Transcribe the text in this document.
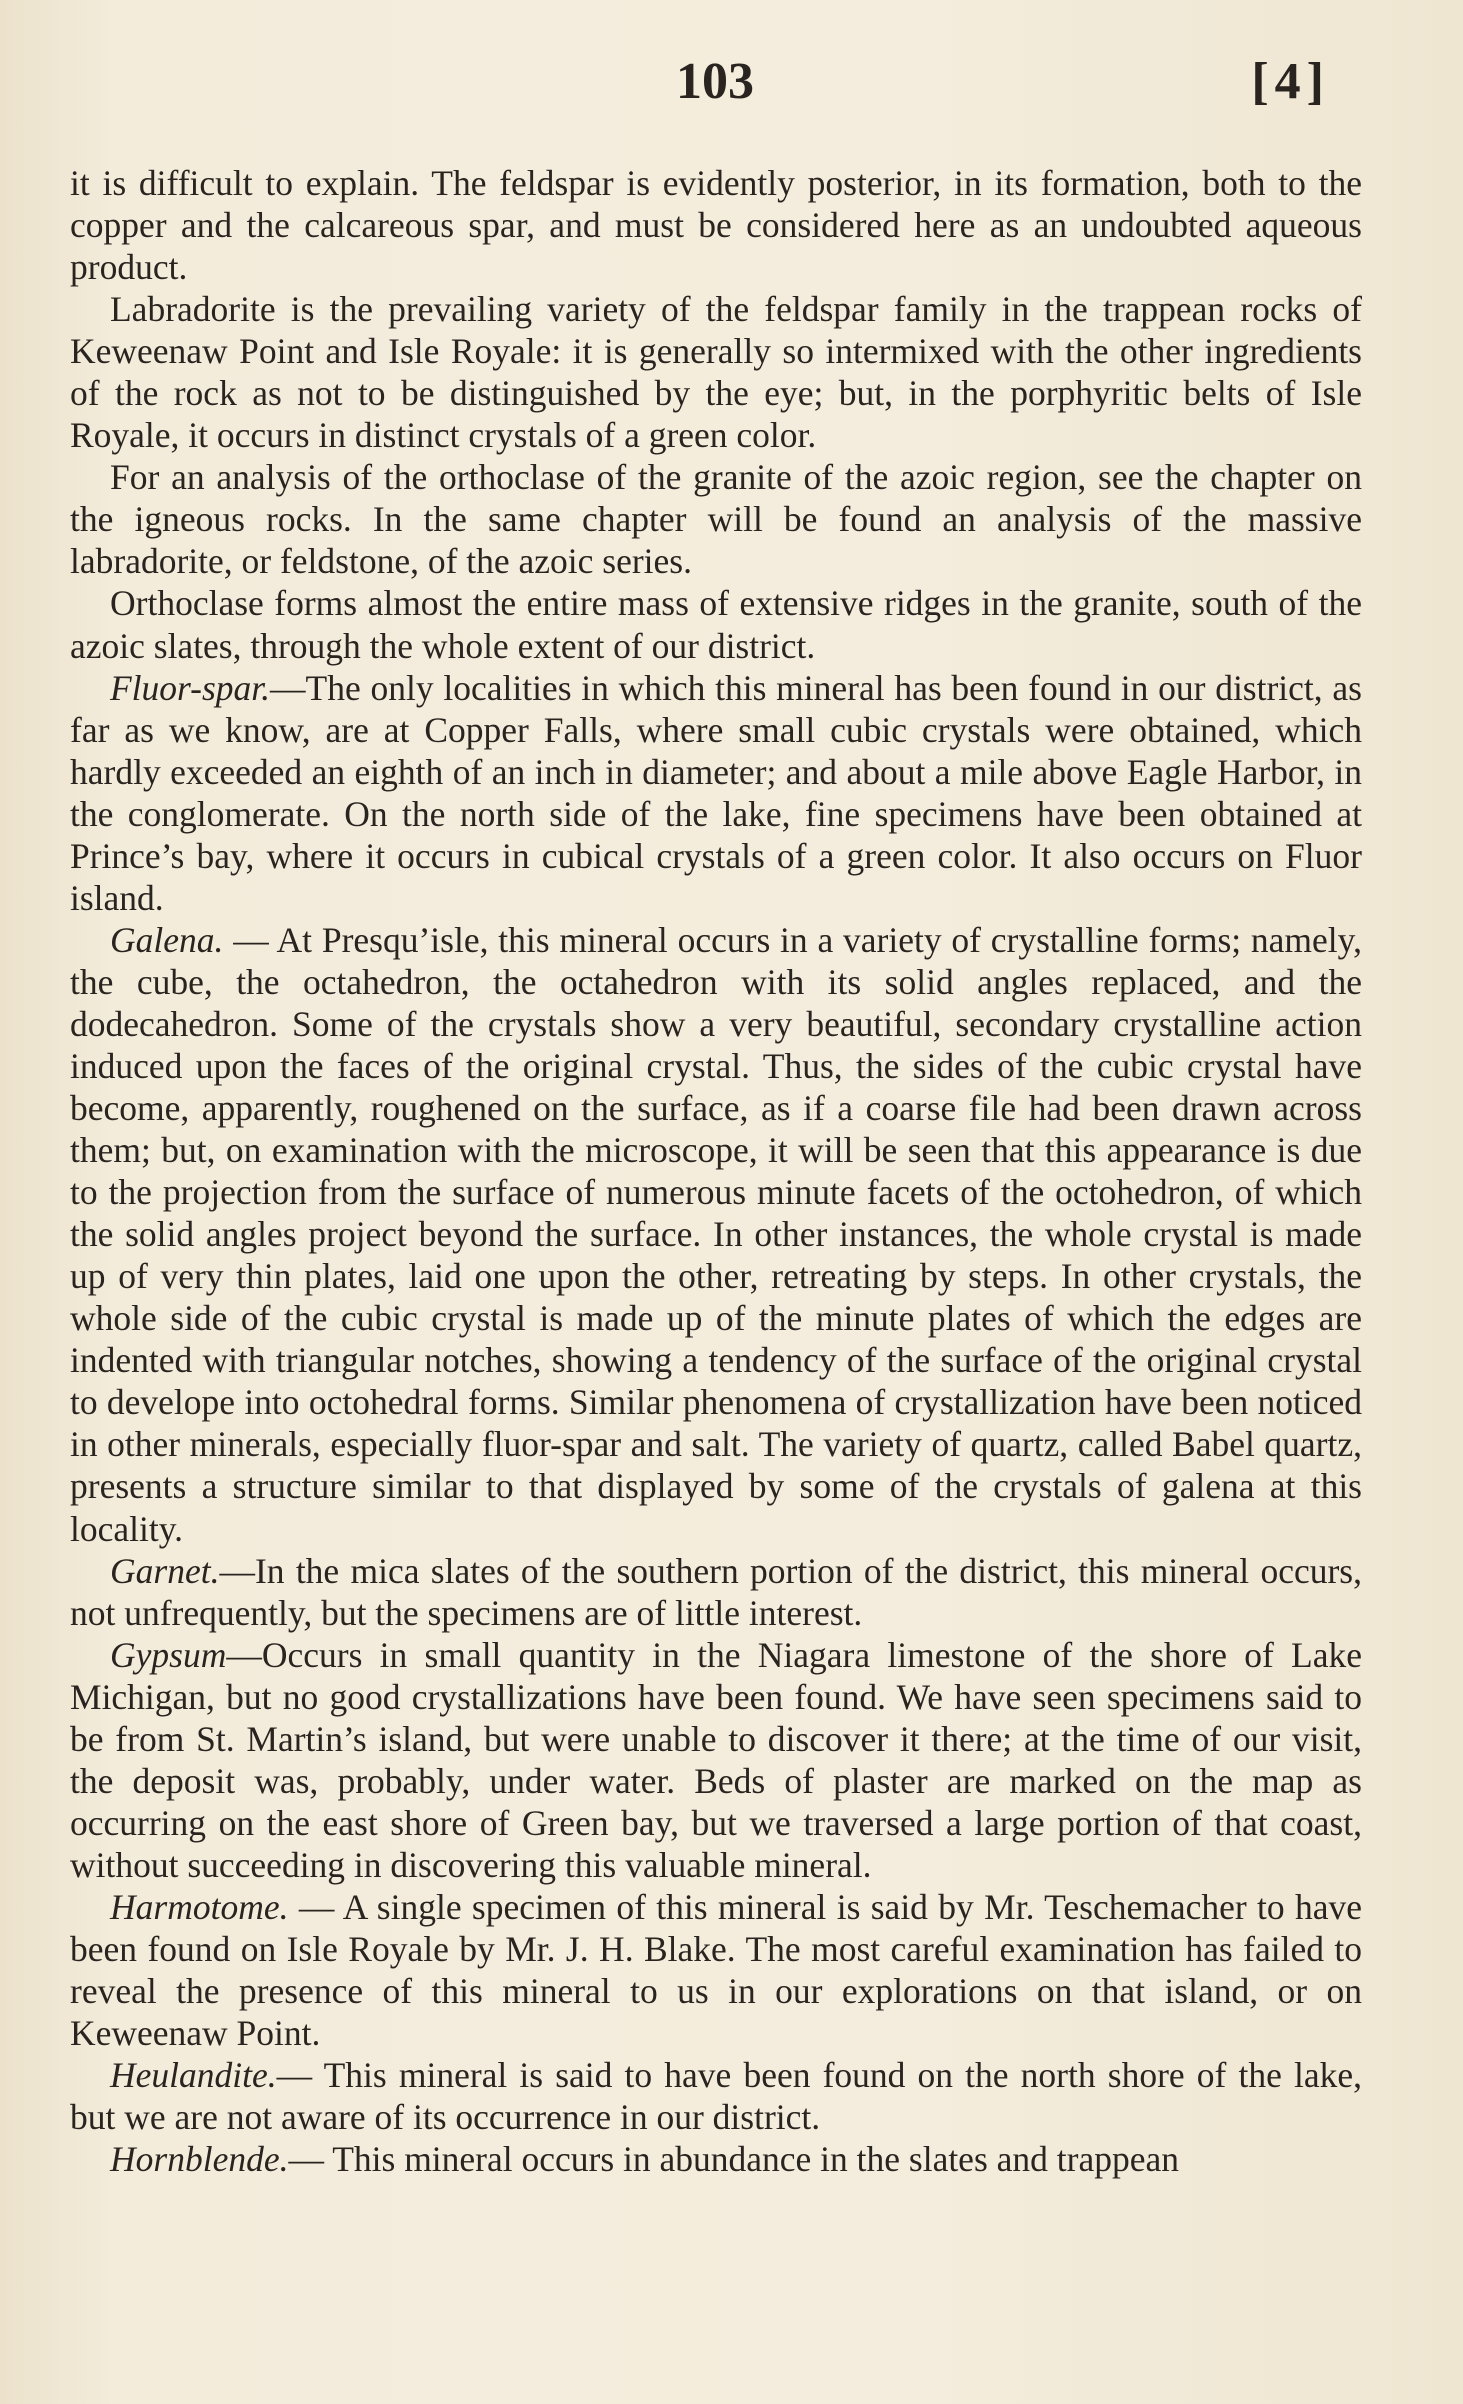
103	[4]

it is difficult to explain. The feldspar is evidently posterior, in its formation, both to the copper and the calcareous spar, and must be considered here as an undoubted aqueous product.

Labradorite is the prevailing variety of the feldspar family in the trappean rocks of Keweenaw Point and Isle Royale: it is generally so intermixed with the other ingredients of the rock as not to be distinguished by the eye; but, in the porphyritic belts of Isle Royale, it occurs in distinct crystals of a green color.

For an analysis of the orthoclase of the granite of the azoic region, see the chapter on the igneous rocks. In the same chapter will be found an analysis of the massive labradorite, or feldstone, of the azoic series.

Orthoclase forms almost the entire mass of extensive ridges in the granite, south of the azoic slates, through the whole extent of our district.

Fluor-spar.—The only localities in which this mineral has been found in our district, as far as we know, are at Copper Falls, where small cubic crystals were obtained, which hardly exceeded an eighth of an inch in diameter; and about a mile above Eagle Harbor, in the conglomerate. On the north side of the lake, fine specimens have been obtained at Prince’s bay, where it occurs in cubical crystals of a green color. It also occurs on Fluor island.

Galena. — At Presqu’isle, this mineral occurs in a variety of crystalline forms; namely, the cube, the octahedron, the octahedron with its solid angles replaced, and the dodecahedron. Some of the crystals show a very beautiful, secondary crystalline action induced upon the faces of the original crystal. Thus, the sides of the cubic crystal have become, apparently, roughened on the surface, as if a coarse file had been drawn across them; but, on examination with the microscope, it will be seen that this appearance is due to the projection from the surface of numerous minute facets of the octohedron, of which the solid angles project beyond the surface. In other instances, the whole crystal is made up of very thin plates, laid one upon the other, retreating by steps. In other crystals, the whole side of the cubic crystal is made up of the minute plates of which the edges are indented with triangular notches, showing a tendency of the surface of the original crystal to develope into octohedral forms. Similar phenomena of crystallization have been noticed in other minerals, especially fluor-spar and salt. The variety of quartz, called Babel quartz, presents a structure similar to that displayed by some of the crystals of galena at this locality.

Garnet.—In the mica slates of the southern portion of the district, this mineral occurs, not unfrequently, but the specimens are of little interest.

Gypsum—Occurs in small quantity in the Niagara limestone of the shore of Lake Michigan, but no good crystallizations have been found. We have seen specimens said to be from St. Martin’s island, but were unable to discover it there; at the time of our visit, the deposit was, probably, under water. Beds of plaster are marked on the map as occurring on the east shore of Green bay, but we traversed a large portion of that coast, without succeeding in discovering this valuable mineral.

Harmotome. — A single specimen of this mineral is said by Mr. Teschemacher to have been found on Isle Royale by Mr. J. H. Blake. The most careful examination has failed to reveal the presence of this mineral to us in our explorations on that island, or on Keweenaw Point.

Heulandite.— This mineral is said to have been found on the north shore of the lake, but we are not aware of its occurrence in our district.

Hornblende.— This mineral occurs in abundance in the slates and trappean
